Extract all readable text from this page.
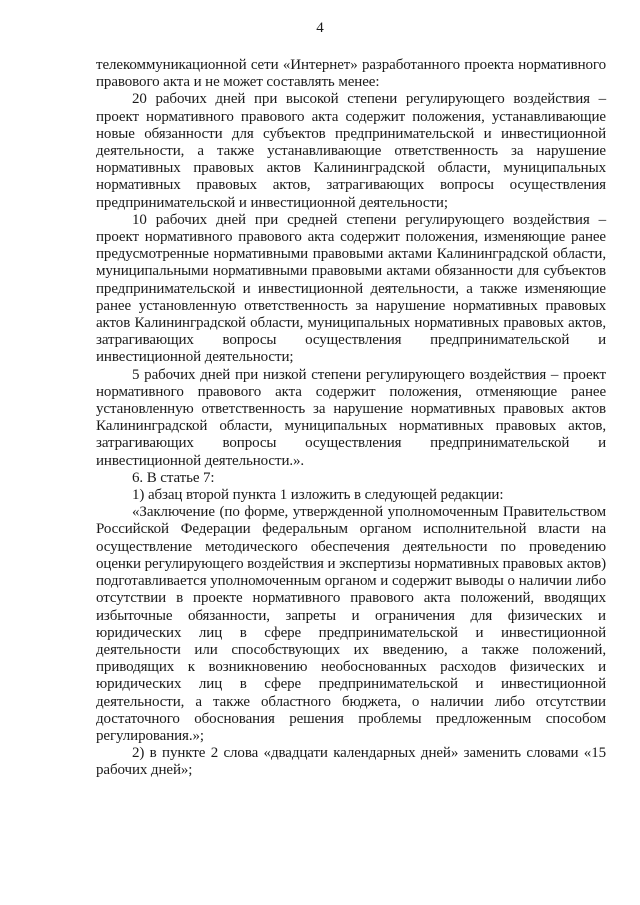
4

телекоммуникационной сети «Интернет» разработанного проекта нормативного правового акта и не может составлять менее:

20 рабочих дней при высокой степени регулирующего воздействия – проект нормативного правового акта содержит положения, устанавливающие новые обязанности для субъектов предпринимательской и инвестиционной деятельности, а также устанавливающие ответственность за нарушение нормативных правовых актов Калининградской области, муниципальных нормативных правовых актов, затрагивающих вопросы осуществления предпринимательской и инвестиционной деятельности;

10 рабочих дней при средней степени регулирующего воздействия – проект нормативного правового акта содержит положения, изменяющие ранее предусмотренные нормативными правовыми актами Калининградской области, муниципальными нормативными правовыми актами обязанности для субъектов предпринимательской и инвестиционной деятельности, а также изменяющие ранее установленную ответственность за нарушение нормативных правовых актов Калининградской области, муниципальных нормативных правовых актов, затрагивающих вопросы осуществления предпринимательской и инвестиционной деятельности;

5 рабочих дней при низкой степени регулирующего воздействия – проект нормативного правового акта содержит положения, отменяющие ранее установленную ответственность за нарушение нормативных правовых актов Калининградской области, муниципальных нормативных правовых актов, затрагивающих вопросы осуществления предпринимательской и инвестиционной деятельности.».

6. В статье 7:

1) абзац второй пункта 1 изложить в следующей редакции:

«Заключение (по форме, утвержденной уполномоченным Правительством Российской Федерации федеральным органом исполнительной власти на осуществление методического обеспечения деятельности по проведению оценки регулирующего воздействия и экспертизы нормативных правовых актов) подготавливается уполномоченным органом и содержит выводы о наличии либо отсутствии в проекте нормативного правового акта положений, вводящих избыточные обязанности, запреты и ограничения для физических и юридических лиц в сфере предпринимательской и инвестиционной деятельности или способствующих их введению, а также положений, приводящих к возникновению необоснованных расходов физических и юридических лиц в сфере предпринимательской и инвестиционной деятельности, а также областного бюджета, о наличии либо отсутствии достаточного обоснования решения проблемы предложенным способом регулирования.»;

2) в пункте 2 слова «двадцати календарных дней» заменить словами «15 рабочих дней»;
